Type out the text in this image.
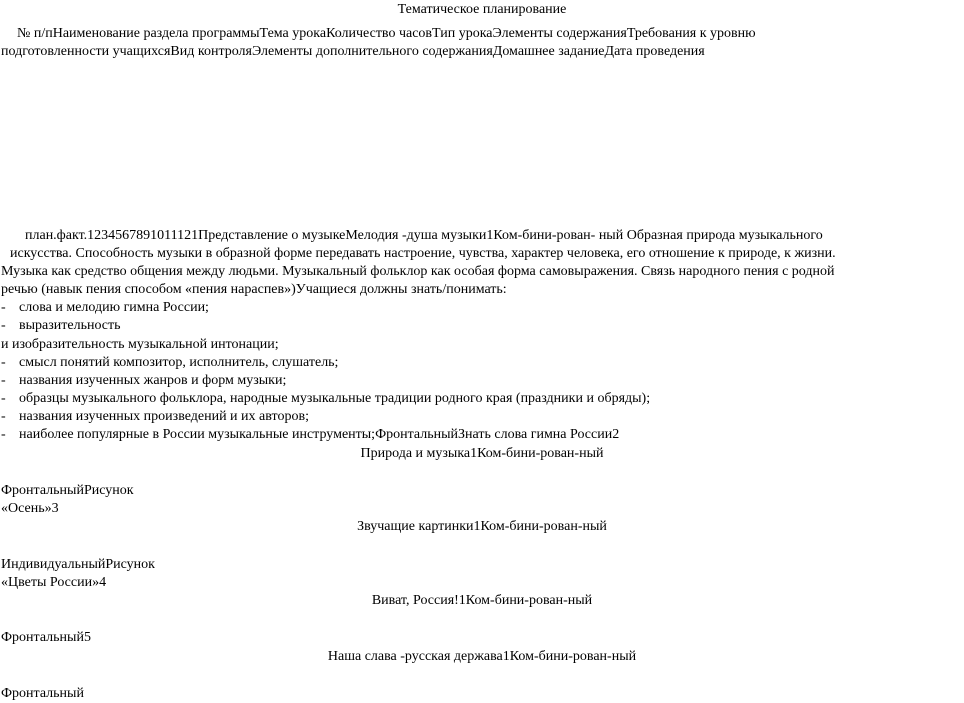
Тематическое планирование

№ п/пНаименование раздела программыТема урокаКоличество часовТип урокаЭлементы содержанияТребования к уровню

подготовленности учащихсяВид контроляЭлементы дополнительного содержанияДомашнее заданиеДата проведения

план.факт.1234567891011121Представление о музыкеМелодия -душа музыки1Ком-бини-рован- ный Образная природа музыкального

искусства. Способность музыки в образной форме передавать настроение, чувства, характер человека, его отношение к природе, к жизни.

Музыка как средство общения между людьми. Музыкальный фольклор как особая форма самовыражения. Связь народного пения с родной

речью (навык пения способом «пения нараспев»)Учащиеся должны знать/понимать:

- слова и мелодию гимна России;

- выразительность

и изобразительность музыкальной интонации;

- смысл понятий композитор, исполнитель, слушатель;

- названия изученных жанров и форм музыки;

- образцы музыкального фольклора, народные музыкальные традиции родного края (праздники и обряды);

- названия изученных произведений и их авторов;

- наиболее популярные в России музыкальные инструменты;ФронтальныйЗнать слова гимна России2

Природа и музыка1Ком-бини-рован-ный

ФронтальныйРисунок

«Осень»3

Звучащие картинки1Ком-бини-рован-ный

ИндивидуальныйРисунок

«Цветы России»4

Виват, Россия!1Ком-бини-рован-ный

Фронтальный5

Наша слава -русская держава1Ком-бини-рован-ный

Фронтальный
